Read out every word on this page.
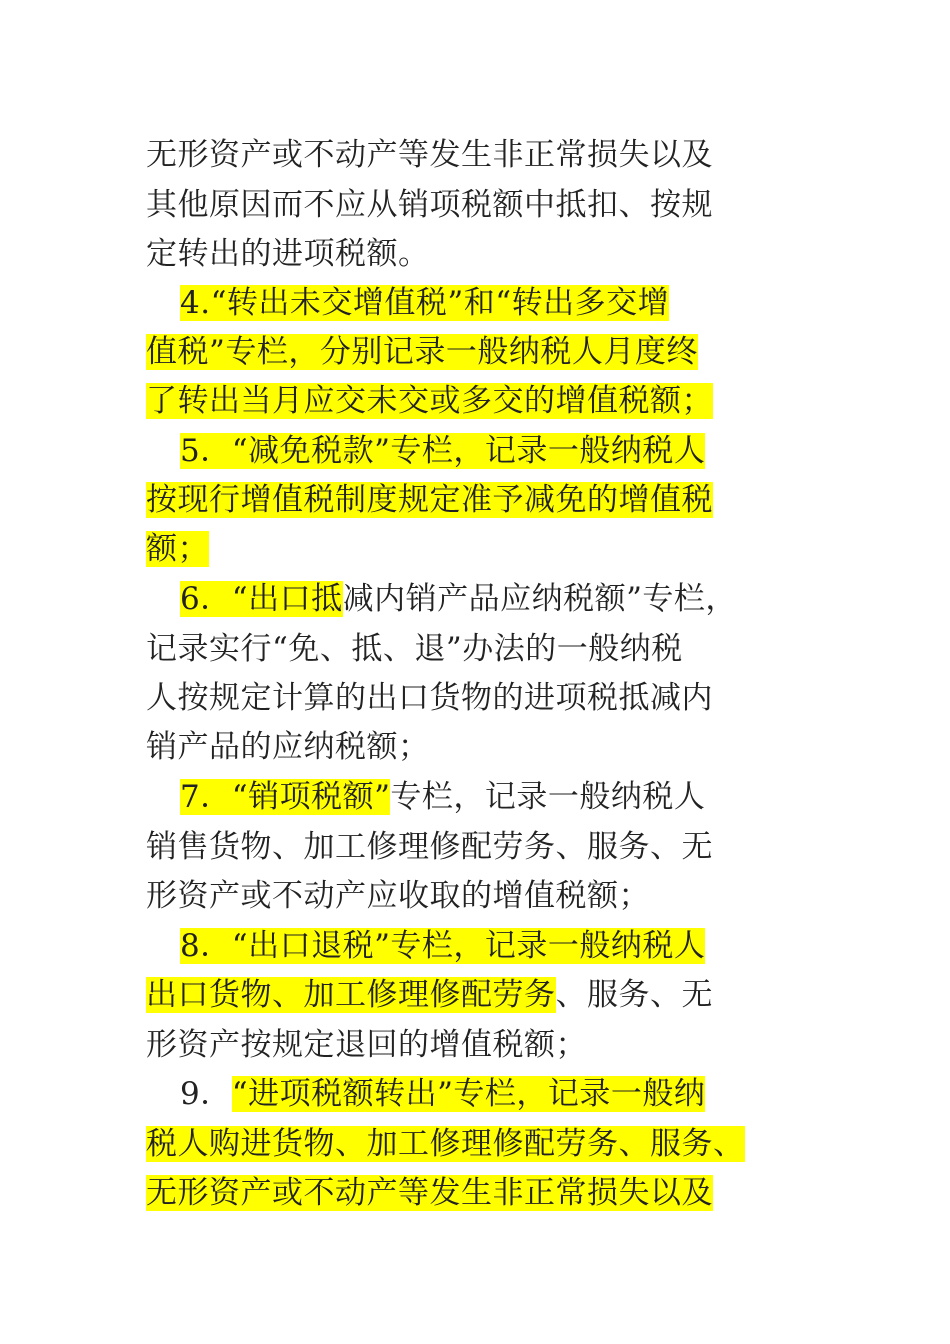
无形资产或不动产等发生非正常损失以及
其他原因而不应从销项税额中抵扣、按规
定转出的进项税额。
4.“转出未交增值税”和“转出多交增
值税”专栏，分别记录一般纳税人月度终
了转出当月应交未交或多交的增值税额；
5．“减免税款”专栏，记录一般纳税人
按现行增值税制度规定准予减免的增值税
额；
6．“出口抵减内销产品应纳税额”专栏，
记录实行“免、抵、退”办法的一般纳税
人按规定计算的出口货物的进项税抵减内
销产品的应纳税额；
7．“销项税额”专栏，记录一般纳税人
销售货物、加工修理修配劳务、服务、无
形资产或不动产应收取的增值税额；
8．“出口退税”专栏，记录一般纳税人
出口货物、加工修理修配劳务、服务、无
形资产按规定退回的增值税额；
9．“进项税额转出”专栏，记录一般纳
税人购进货物、加工修理修配劳务、服务、
无形资产或不动产等发生非正常损失以及
